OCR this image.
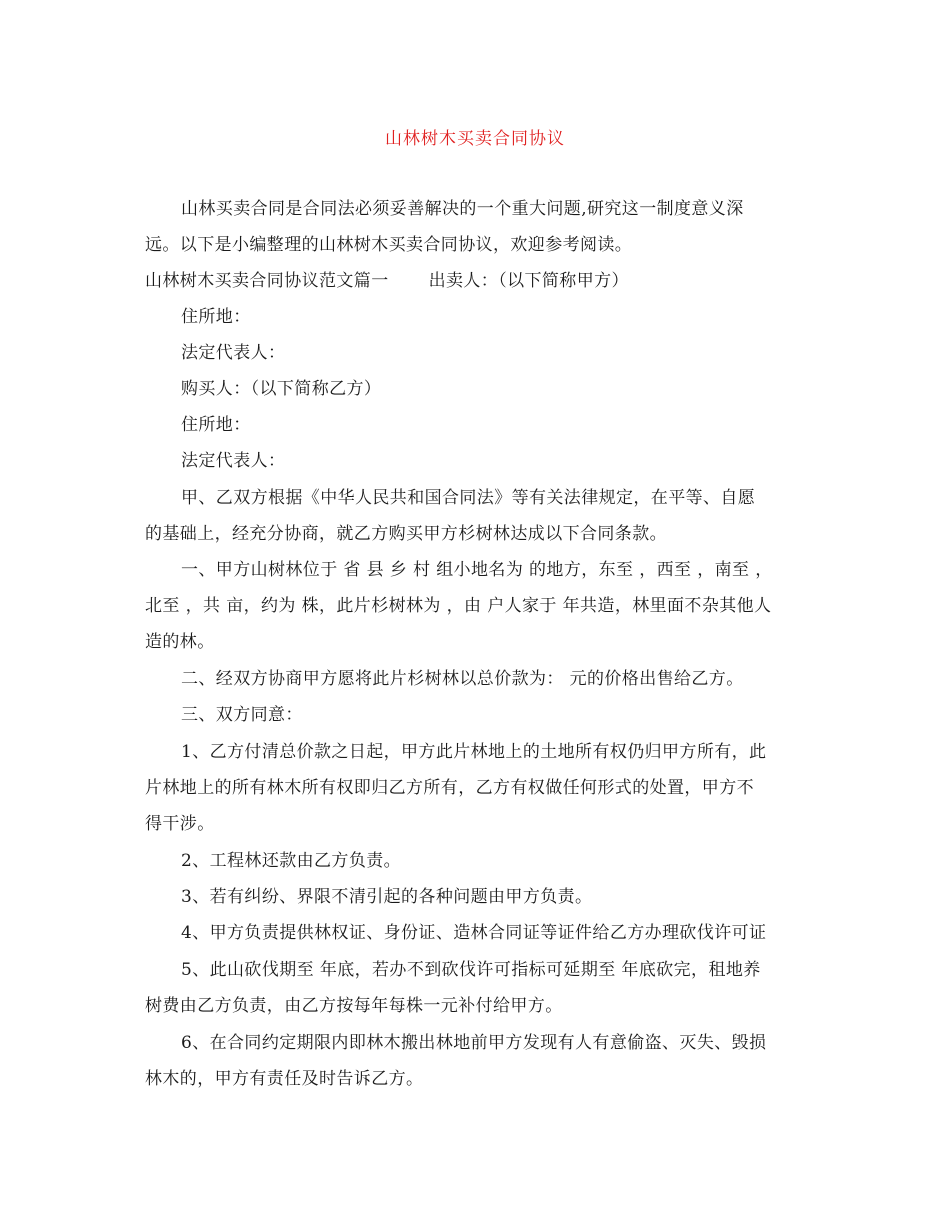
山林树木买卖合同协议
山林买卖合同是合同法必须妥善解决的一个重大问题,研究这一制度意义深
远。以下是小编整理的山林树木买卖合同协议，欢迎参考阅读。
山林树木买卖合同协议范文篇一 出卖人：（以下简称甲方）
住所地：
法定代表人：
购买人：（以下简称乙方）
住所地：
法定代表人：
甲、乙双方根据《中华人民共和国合同法》等有关法律规定，在平等、自愿
的基础上，经充分协商，就乙方购买甲方杉树林达成以下合同条款。
一、甲方山树林位于 省 县 乡 村 组小地名为 的地方，东至 ，西至 ，南至 ，
北至 ，共 亩，约为 株，此片杉树林为 ，由 户人家于 年共造，林里面不杂其他人
造的林。
二、经双方协商甲方愿将此片杉树林以总价款为： 元的价格出售给乙方。
三、双方同意：
1、乙方付清总价款之日起，甲方此片林地上的土地所有权仍归甲方所有，此
片林地上的所有林木所有权即归乙方所有，乙方有权做任何形式的处置，甲方不
得干涉。
2、工程林还款由乙方负责。
3、若有纠纷、界限不清引起的各种问题由甲方负责。
4、甲方负责提供林权证、身份证、造林合同证等证件给乙方办理砍伐许可证
5、此山砍伐期至 年底，若办不到砍伐许可指标可延期至 年底砍完，租地养
树费由乙方负责，由乙方按每年每株一元补付给甲方。
6、在合同约定期限内即林木搬出林地前甲方发现有人有意偷盗、灭失、毁损
林木的，甲方有责任及时告诉乙方。
